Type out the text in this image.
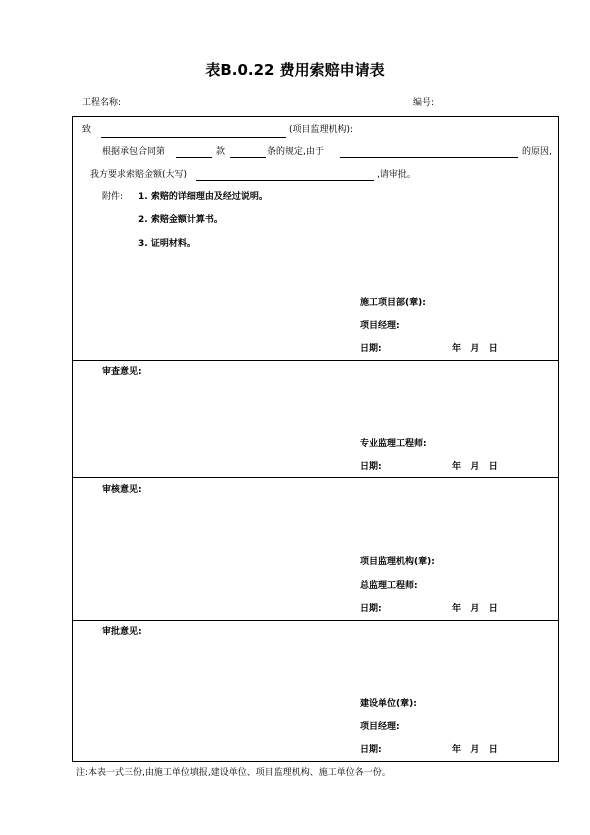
表B.0.22 费用索赔申请表
工程名称:	编号:
致	(项目监理机构):
根据承包合同第	款	条的规定,由于	的原因,
我方要求索赔金额(大写)	,请审批。
附件: 1. 索赔的详细理由及经过说明。
2. 索赔金额计算书。
3. 证明材料。
施工项目部(章):
项目经理:
日期:	年   月   日
审查意见:
专业监理工程师:
日期:	年   月   日
审核意见:
项目监理机构(章):
总监理工程师:
日期:	年   月   日
审批意见:
建设单位(章):
项目经理:
日期:	年   月   日
注:本表一式三份,由施工单位填报,建设单位、项目监理机构、施工单位各一份。
